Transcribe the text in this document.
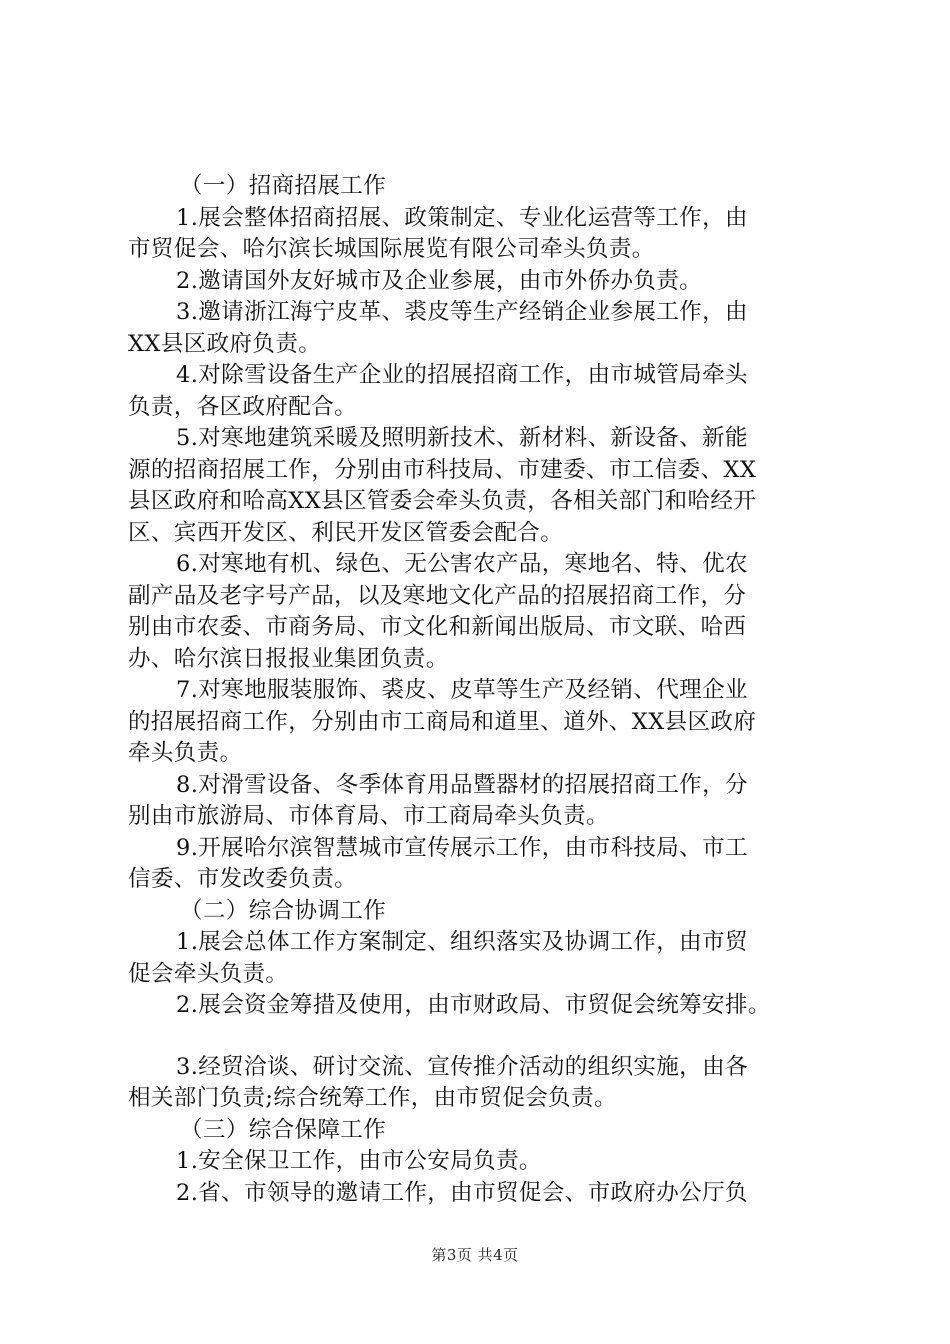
（一）招商招展工作
1.展会整体招商招展、政策制定、专业化运营等工作，由
市贸促会、哈尔滨长城国际展览有限公司牵头负责。
2.邀请国外友好城市及企业参展，由市外侨办负责。
3.邀请浙江海宁皮革、裘皮等生产经销企业参展工作，由
XX县区政府负责。
4.对除雪设备生产企业的招展招商工作，由市城管局牵头
负责，各区政府配合。
5.对寒地建筑采暖及照明新技术、新材料、新设备、新能
源的招商招展工作，分别由市科技局、市建委、市工信委、XX
县区政府和哈高XX县区管委会牵头负责，各相关部门和哈经开
区、宾西开发区、利民开发区管委会配合。
6.对寒地有机、绿色、无公害农产品，寒地名、特、优农
副产品及老字号产品，以及寒地文化产品的招展招商工作，分
别由市农委、市商务局、市文化和新闻出版局、市文联、哈西
办、哈尔滨日报报业集团负责。
7.对寒地服装服饰、裘皮、皮草等生产及经销、代理企业
的招展招商工作，分别由市工商局和道里、道外、XX县区政府
牵头负责。
8.对滑雪设备、冬季体育用品暨器材的招展招商工作，分
别由市旅游局、市体育局、市工商局牵头负责。
9.开展哈尔滨智慧城市宣传展示工作，由市科技局、市工
信委、市发改委负责。
（二）综合协调工作
1.展会总体工作方案制定、组织落实及协调工作，由市贸
促会牵头负责。
2.展会资金筹措及使用，由市财政局、市贸促会统筹安排。
3.经贸洽谈、研讨交流、宣传推介活动的组织实施，由各
相关部门负责;综合统筹工作，由市贸促会负责。
（三）综合保障工作
1.安全保卫工作，由市公安局负责。
2.省、市领导的邀请工作，由市贸促会、市政府办公厅负
第3页 共4页
